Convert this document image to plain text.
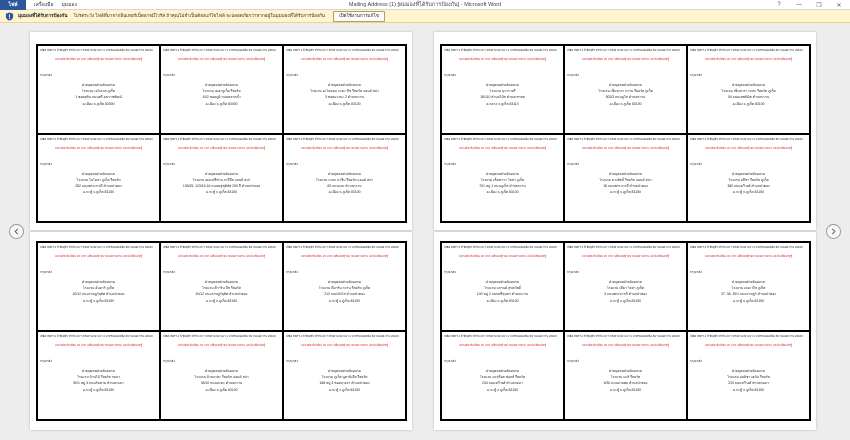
ไฟล์	เครื่องมือ มุมมอง	Mailing Address (1) [ผมมองที่ได้รับการป้องกัน] - Microsoft Word	?	—	❐	✕
มุมมองที่ได้รับการป้องกัน โปรดระวัง ไฟล์ที่มาจากอินเทอร์เน็ตอาจมีไวรัส ถ้าคุณไม่จำเป็นต้องแก้ไขไฟล์ จะปลอดภัยกว่าหากอยู่ในมุมมองที่ได้รับการป้องกัน	เปิดใช้งานการแก้ไข
ปณิต สหกร 4 ปี ชัยยุทั่ว ทำกับ 20 ฯ ครงตาม 82 บนา 4 บาทชนนนเหนือ สมานนนต กาบ 20160
มหาอดีต ที่เปลี่ยน 30 บาท เปลี่ยนหญ้ายนาคนนท่านท่าน แต่ มีเปลี่ยนจัดรู้
กรุณาส่ง
ฝ่ายบุคคลฝ่ายจัดอบรม
โรงแรม เอโทเรส ภูเก็ต
1 ซอยสุขิน ถนนศรี ดนราชพัฒน์
อ.เมือง จ.ภูเก็ต 83000
ปณิต สหกร 4 ปี ชัยยุทั่ว ทำกับ 20 ฯ ครงตาม 82 บนา 4 บาทชนนนเหนือ สมานนนต กาบ 20160
มหาอดีต ที่เปลี่ยน 30 บาท เปลี่ยนหญ้ายนาคนนท่านท่าน แต่ มีเปลี่ยนจัดรู้
กรุณาส่ง
ฝ่ายบุคคลฝ่ายจัดอบรม
โรงแรม เดอะภูเก็ต รีสอร์ท
10/2 ซอยภูมิ ถนนตลาดน้ำ
อ.เมือง จ.ภูเก็ต 83000
ปณิต สหกร 4 ปี ชัยยุทั่ว ทำกับ 20 ฯ ครงตาม 82 บนา 4 บาทชนนนเหนือ สมานนนต กาบ 20160
มหาอดีต ที่เปลี่ยน 30 บาท เปลี่ยนหญ้ายนาคนนท่านท่าน แต่ มีเปลี่ยนจัดรู้
กรุณาส่ง
ฝ่ายบุคคลฝ่ายจัดอบรม
โรงแรม อะโลคอน กะตะ บีช รีสอร์ท แอนด์ สปา
3 ซอยบางนะ 2 ตำบลกะรน
อ.เมือง จ.ภูเก็ต 83100
ปณิต สหกร 4 ปี ชัยยุทั่ว ทำกับ 20 ฯ ครงตาม 82 บนา 4 บาทชนนนเหนือ สมานนนต กาบ 20160
มหาอดีต ที่เปลี่ยน 30 บาท เปลี่ยนหญ้ายนาคนนท่านท่าน แต่ มีเปลี่ยนจัดรู้
กรุณาส่ง
ฝ่ายบุคคลฝ่ายจัดอบรม
โรงแรม ไบโมลา ภูเก็ต รีสอร์ท
282 ถนนพระบารมี ตำบลป่าตอง
อ.กะทู้ จ.ภูเก็ต 83150
ปณิต สหกร 4 ปี ชัยยุทั่ว ทำกับ 20 ฯ ครงตาม 82 บนา 4 บาทชนนนเหนือ สมานนนต กาบ 20160
มหาอดีต ที่เปลี่ยน 30 บาท เปลี่ยนหญ้ายนาคนนท่านท่าน แต่ มีเปลี่ยนจัดรู้
กรุณาส่ง
ฝ่ายบุคคลฝ่ายจัดอบรม
โรงแรม เดอะพรีซ่าน กะรีบีส แอนด์ สปา
135/25, 123/15-16 ถนนหลู่ชุติทัศ 200 ปี ตำบลป่าตอง
อ.กะทู้ จ.ภูเก็ต 83150
ปณิต สหกร 4 ปี ชัยยุทั่ว ทำกับ 20 ฯ ครงตาม 82 บนา 4 บาทชนนนเหนือ สมานนนต กาบ 20160
มหาอดีต ที่เปลี่ยน 30 บาท เปลี่ยนหญ้ายนาคนนท่านท่าน แต่ มีเปลี่ยนจัดรู้
กรุณาส่ง
ฝ่ายบุคคลฝ่ายจัดอบรม
โรงแรม กะตะ บาลีบ รีสอร์ท แอนด์ สปา
60 ถนนเจน ตำบลกะรน
อ.เมือง จ.ภูเก็ต 83100
ปณิต สหกร 4 ปี ชัยยุทั่ว ทำกับ 20 ฯ ครงตาม 82 บนา 4 บาทชนนนเหนือ สมานนนต กาบ 20160
มหาอดีต ที่เปลี่ยน 30 บาท เปลี่ยนหญ้ายนาคนนท่านท่าน แต่ มีเปลี่ยนจัดรู้
กรุณาส่ง
ฝ่ายบุคคลฝ่ายจัดอบรม
โรงแรม บุรารายรี
18/110 ตำบลไม้ข ตำบลเชาทย
อ.ถลาง จ.ภูเก็ต 83110
ปณิต สหกร 4 ปี ชัยยุทั่ว ทำกับ 20 ฯ ครงตาม 82 บนา 4 บาทชนนนเหนือ สมานนนต กาบ 20160
มหาอดีต ที่เปลี่ยน 30 บาท เปลี่ยนหญ้ายนาคนนท่านท่าน แต่ มีเปลี่ยนจัดรู้
กรุณาส่ง
ฝ่ายบุคคลฝ่ายจัดอบรม
โรงแรม เซ็นทารา กะรน รีสอร์ท ภูเก็ต
502/3 ถนนภูไท ตำบลกะรน
อ.เมือง จ.ภูเก็ต 83100
ปณิต สหกร 4 ปี ชัยยุทั่ว ทำกับ 20 ฯ ครงตาม 82 บนา 4 บาทชนนนเหนือ สมานนนต กาบ 20160
มหาอดีต ที่เปลี่ยน 30 บาท เปลี่ยนหญ้ายนาคนนท่านท่าน แต่ มีเปลี่ยนจัดรู้
กรุณาส่ง
ฝ่ายบุคคลฝ่ายจัดอบรม
โรงแรม เซ็นทารา กะตะ รีสอร์ท ภูเก็ต
54 ถนนเทพนิมิต ตำบลกะรน
อ.เมือง จ.ภูเก็ต 83100
ปณิต สหกร 4 ปี ชัยยุทั่ว ทำกับ 20 ฯ ครงตาม 82 บนา 4 บาทชนนนเหนือ สมานนนต กาบ 20160
มหาอดีต ที่เปลี่ยน 30 บาท เปลี่ยนหญ้ายนาคนนท่านท่าน แต่ มีเปลี่ยนจัดรู้
กรุณาส่ง
ฝ่ายบุคคลฝ่ายจัดอบรม
โรงแรม เซ็นทารา วิลล่า ภูเก็ต
701 หมู่ 1 ถนนภูเก็ต ตำบลกะรน
อ.เมือง จ.ภูเก็ต 83100
ปณิต สหกร 4 ปี ชัยยุทั่ว ทำกับ 20 ฯ ครงตาม 82 บนา 4 บาทชนนนเหนือ สมานนนต กาบ 20160
มหาอดีต ที่เปลี่ยน 30 บาท เปลี่ยนหญ้ายนาคนนท่านท่าน แต่ มีเปลี่ยนจัดรู้
กรุณาส่ง
ฝ่ายบุคคลฝ่ายจัดอบรม
โรงแรม ดวงสิทธิ์ รีสอร์ท แอนด์ สปา
18 ถนนพระบารมี ตำบลป่าตอง
อ.กะทู้ จ.ภูเก็ต 83150
ปณิต สหกร 4 ปี ชัยยุทั่ว ทำกับ 20 ฯ ครงตาม 82 บนา 4 บาทชนนนเหนือ สมานนนต กาบ 20160
มหาอดีต ที่เปลี่ยน 30 บาท เปลี่ยนหญ้ายนาคนนท่านท่าน แต่ มีเปลี่ยนจัดรู้
กรุณาส่ง
ฝ่ายบุคคลฝ่ายจัดอบรม
โรงแรม อลีซา รีสอร์ท ภูเก็ต
380 ถนนทวีวงศ์ ตำบลป่าตอง
อ.กะทู้ จ.ภูเก็ต 83150
ปณิต สหกร 4 ปี ชัยยุทั่ว ทำกับ 20 ฯ ครงตาม 82 บนา 4 บาทชนนนเหนือ สมานนนต กาบ 20160
มหาอดีต ที่เปลี่ยน 30 บาท เปลี่ยนหญ้ายนาคนนท่านท่าน แต่ มีเปลี่ยนจัดรู้
กรุณาส่ง
ฝ่ายบุคคลฝ่ายจัดอบรม
โรงแรม อันดาริ ภูเก็ต
40/12 ถนนราษฎร์อุทิศ ตำบลป่าตอง
อ.กะทู้ จ.ภูเก็ต 83150
ปณิต สหกร 4 ปี ชัยยุทั่ว ทำกับ 20 ฯ ครงตาม 82 บนา 4 บาทชนนนเหนือ สมานนนต กาบ 20160
มหาอดีต ที่เปลี่ยน 30 บาท เปลี่ยนหญ้ายนาคนนท่านท่าน แต่ มีเปลี่ยนจัดรู้
กรุณาส่ง
ฝ่ายบุคคลฝ่ายจัดอบรม
โรงแรม ดีวาริน บีช รีสอร์ท
40/12 ถนนราษฎร์อุทิศ ตำบลป่าตอง
อ.กะทู้ จ.ภูเก็ต 83150
ปณิต สหกร 4 ปี ชัยยุทั่ว ทำกับ 20 ฯ ครงตาม 82 บนา 4 บาทชนนนเหนือ สมานนนต กาบ 20160
มหาอดีต ที่เปลี่ยน 30 บาท เปลี่ยนหญ้ายนาคนนท่านท่าน แต่ มีเปลี่ยนจัดรู้
กรุณาส่ง
ฝ่ายบุคคลฝ่ายจัดอบรม
โรงแรม ดีมาริน กะรน รีสอร์ท ภูเก็ต
212 ถนนปิกโส ตำบลป่าตอง
อ.กะทู้ จ.ภูเก็ต 83150
ปณิต สหกร 4 ปี ชัยยุทั่ว ทำกับ 20 ฯ ครงตาม 82 บนา 4 บาทชนนนเหนือ สมานนนต กาบ 20160
มหาอดีต ที่เปลี่ยน 30 บาท เปลี่ยนหญ้ายนาคนนท่านท่าน แต่ มีเปลี่ยนจัดรู้
กรุณาส่ง
ฝ่ายบุคคลฝ่ายจัดอบรม
โรงแรม บ้านไม้ รีสอร์ท กมลา
50/1 หมู่ 3 ถนนริมหาด ตำบลกมลา
อ.กะทู้ จ.ภูเก็ต 83150
ปณิต สหกร 4 ปี ชัยยุทั่ว ทำกับ 20 ฯ ครงตาม 82 บนา 4 บาทชนนนเหนือ สมานนนต กาบ 20160
มหาอดีต ที่เปลี่ยน 30 บาท เปลี่ยนหญ้ายนาคนนท่านท่าน แต่ มีเปลี่ยนจัดรู้
กรุณาส่ง
ฝ่ายบุคคลฝ่ายจัดอบรม
โรงแรม บ้านกะตะ รีสอร์ท แอนด์ สปา
36/10 ถนนปะตะ ตำบลกะรน
อ.เมือง จ.ภูเก็ต 83100
ปณิต สหกร 4 ปี ชัยยุทั่ว ทำกับ 20 ฯ ครงตาม 82 บนา 4 บาทชนนนเหนือ สมานนนต กาบ 20160
มหาอดีต ที่เปลี่ยน 30 บาท เปลี่ยนหญ้ายนาคนนท่านท่าน แต่ มีเปลี่ยนจัดรู้
กรุณาส่ง
ฝ่ายบุคคลฝ่ายจัดอบรม
โรงแรม ภูเก็ต บูคามิเลีย รีสอร์ท
168 หมู่ 4 ซอยบางลา ตำบลป่าตอง
อ.กะทู้ จ.ภูเก็ต 83150
ปณิต สหกร 4 ปี ชัยยุทั่ว ทำกับ 20 ฯ ครงตาม 82 บนา 4 บาทชนนนเหนือ สมานนนต กาบ 20160
มหาอดีต ที่เปลี่ยน 30 บาท เปลี่ยนหญ้ายนาคนนท่านท่าน แต่ มีเปลี่ยนจัดรู้
กรุณาส่ง
ฝ่ายบุคคลฝ่ายจัดอบรม
โรงแรม แกรนด์ สุขสวัสดิ์
100 หมู่ 2 ถนนศรีสุนทร ตำบลกะรน
อ.เมือง จ.ภูเก็ต 83100
ปณิต สหกร 4 ปี ชัยยุทั่ว ทำกับ 20 ฯ ครงตาม 82 บนา 4 บาทชนนนเหนือ สมานนนต กาบ 20160
มหาอดีต ที่เปลี่ยน 30 บาท เปลี่ยนหญ้ายนาคนนท่านท่าน แต่ มีเปลี่ยนจัดรู้
กรุณาส่ง
ฝ่ายบุคคลฝ่ายจัดอบรม
โรงแรม เคียว วิลล่า ภูเก็ต
3 ถนนพระบารมี ตำบลป่าตอง
อ.กะทู้ จ.ภูเก็ต 83150
ปณิต สหกร 4 ปี ชัยยุทั่ว ทำกับ 20 ฯ ครงตาม 82 บนา 4 บาทชนนนเหนือ สมานนนต กาบ 20160
มหาอดีต ที่เปลี่ยน 30 บาท เปลี่ยนหญ้ายนาคนนท่านท่าน แต่ มีเปลี่ยนจัดรู้
กรุณาส่ง
ฝ่ายบุคคลฝ่ายจัดอบรม
โรงแรม เดอะ บีช ภูเก็ต
37, 38, 39/1 ถนนราษฎร์ ตำบลป่าตอง
อ.กะทู้ จ.ภูเก็ต 83150
ปณิต สหกร 4 ปี ชัยยุทั่ว ทำกับ 20 ฯ ครงตาม 82 บนา 4 บาทชนนนเหนือ สมานนนต กาบ 20160
มหาอดีต ที่เปลี่ยน 30 บาท เปลี่ยนหญ้ายนาคนนท่านท่าน แต่ มีเปลี่ยนจัดรู้
กรุณาส่ง
ฝ่ายบุคคลฝ่ายจัดอบรม
โรงแรม มะหรือต ฟอลส์ รีสอร์ท
234 ถนนทวีวงศ์ ตำบลกมลา
อ.กะทู้ จ.ภูเก็ต 83150
ปณิต สหกร 4 ปี ชัยยุทั่ว ทำกับ 20 ฯ ครงตาม 82 บนา 4 บาทชนนนเหนือ สมานนนต กาบ 20160
มหาอดีต ที่เปลี่ยน 30 บาท เปลี่ยนหญ้ายนาคนนท่านท่าน แต่ มีเปลี่ยนจัดรู้
กรุณาส่ง
ฝ่ายบุคคลฝ่ายจัดอบรม
โรงแรม มะลิ รีสอร์ท
5/30 ถนนลายพล ตำบลป่าตอง
อ.กะทู้ จ.ภูเก็ต 83150
ปณิต สหกร 4 ปี ชัยยุทั่ว ทำกับ 20 ฯ ครงตาม 82 บนา 4 บาทชนนนเหนือ สมานนนต กาบ 20160
มหาอดีต ที่เปลี่ยน 30 บาท เปลี่ยนหญ้ายนาคนนท่านท่าน แต่ มีเปลี่ยนจัดรู้
กรุณาส่ง
ฝ่ายบุคคลฝ่ายจัดอบรม
โรงแรม มอลิซา เฮมัน รีสอร์ท
233 ถนนทวีวงศ์ ตำบลกมลา
อ.กะทู้ จ.ภูเก็ต 83150
